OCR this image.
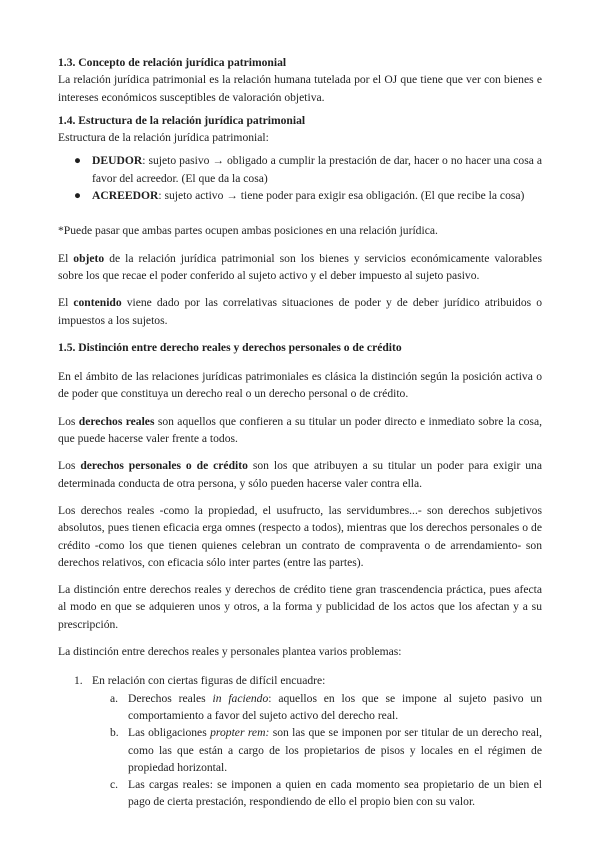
1.3. Concepto de relación jurídica patrimonial

La relación jurídica patrimonial es la relación humana tutelada por el OJ que tiene que ver con bienes e intereses económicos susceptibles de valoración objetiva.

1.4. Estructura de la relación jurídica patrimonial

Estructura de la relación jurídica patrimonial:

● DEUDOR: sujeto pasivo → obligado a cumplir la prestación de dar, hacer o no hacer una cosa a favor del acreedor. (El que da la cosa)
● ACREEDOR: sujeto activo → tiene poder para exigir esa obligación. (El que recibe la cosa)

*Puede pasar que ambas partes ocupen ambas posiciones en una relación jurídica.

El objeto de la relación jurídica patrimonial son los bienes y servicios económicamente valorables sobre los que recae el poder conferido al sujeto activo y el deber impuesto al sujeto pasivo.

El contenido viene dado por las correlativas situaciones de poder y de deber jurídico atribuidos o impuestos a los sujetos.

1.5. Distinción entre derecho reales y derechos personales o de crédito

En el ámbito de las relaciones jurídicas patrimoniales es clásica la distinción según la posición activa o de poder que constituya un derecho real o un derecho personal o de crédito.

Los derechos reales son aquellos que confieren a su titular un poder directo e inmediato sobre la cosa, que puede hacerse valer frente a todos.

Los derechos personales o de crédito son los que atribuyen a su titular un poder para exigir una determinada conducta de otra persona, y sólo pueden hacerse valer contra ella.

Los derechos reales -como la propiedad, el usufructo, las servidumbres...- son derechos subjetivos absolutos, pues tienen eficacia erga omnes (respecto a todos), mientras que los derechos personales o de crédito -como los que tienen quienes celebran un contrato de compraventa o de arrendamiento- son derechos relativos, con eficacia sólo inter partes (entre las partes).

La distinción entre derechos reales y derechos de crédito tiene gran trascendencia práctica, pues afecta al modo en que se adquieren unos y otros, a la forma y publicidad de los actos que los afectan y a su prescripción.

La distinción entre derechos reales y personales plantea varios problemas:

1. En relación con ciertas figuras de difícil encuadre:
a. Derechos reales in faciendo: aquellos en los que se impone al sujeto pasivo un comportamiento a favor del sujeto activo del derecho real.
b. Las obligaciones propter rem: son las que se imponen por ser titular de un derecho real, como las que están a cargo de los propietarios de pisos y locales en el régimen de propiedad horizontal.
c. Las cargas reales: se imponen a quien en cada momento sea propietario de un bien el pago de cierta prestación, respondiendo de ello el propio bien con su valor.
